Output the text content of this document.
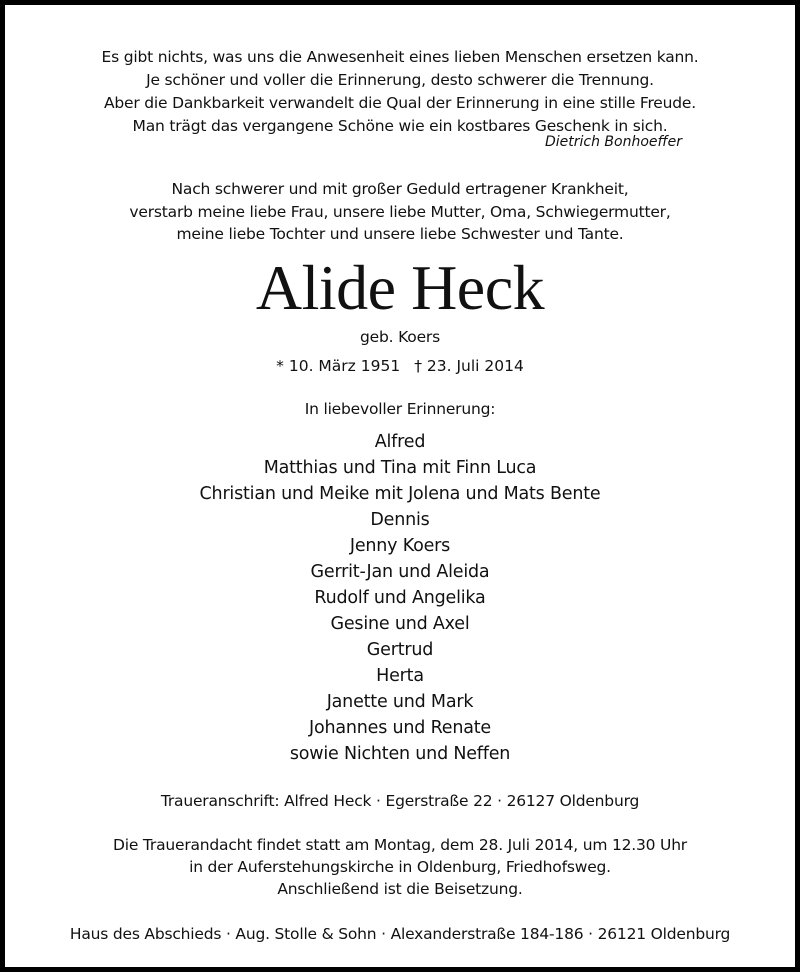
Es gibt nichts, was uns die Anwesenheit eines lieben Menschen ersetzen kann.
Je schöner und voller die Erinnerung, desto schwerer die Trennung.
Aber die Dankbarkeit verwandelt die Qual der Erinnerung in eine stille Freude.
Man trägt das vergangene Schöne wie ein kostbares Geschenk in sich.
Dietrich Bonhoeffer
Nach schwerer und mit großer Geduld ertragener Krankheit,
verstarb meine liebe Frau, unsere liebe Mutter, Oma, Schwiegermutter,
meine liebe Tochter und unsere liebe Schwester und Tante.
Alide Heck
geb. Koers
* 10. März 1951 † 23. Juli 2014
In liebevoller Erinnerung:
Alfred
Matthias und Tina mit Finn Luca
Christian und Meike mit Jolena und Mats Bente
Dennis
Jenny Koers
Gerrit-Jan und Aleida
Rudolf und Angelika
Gesine und Axel
Gertrud
Herta
Janette und Mark
Johannes und Renate
sowie Nichten und Neffen
Traueranschrift: Alfred Heck · Egerstraße 22 · 26127 Oldenburg
Die Trauerandacht findet statt am Montag, dem 28. Juli 2014, um 12.30 Uhr
in der Auferstehungskirche in Oldenburg, Friedhofsweg.
Anschließend ist die Beisetzung.
Haus des Abschieds · Aug. Stolle & Sohn · Alexanderstraße 184-186 · 26121 Oldenburg
